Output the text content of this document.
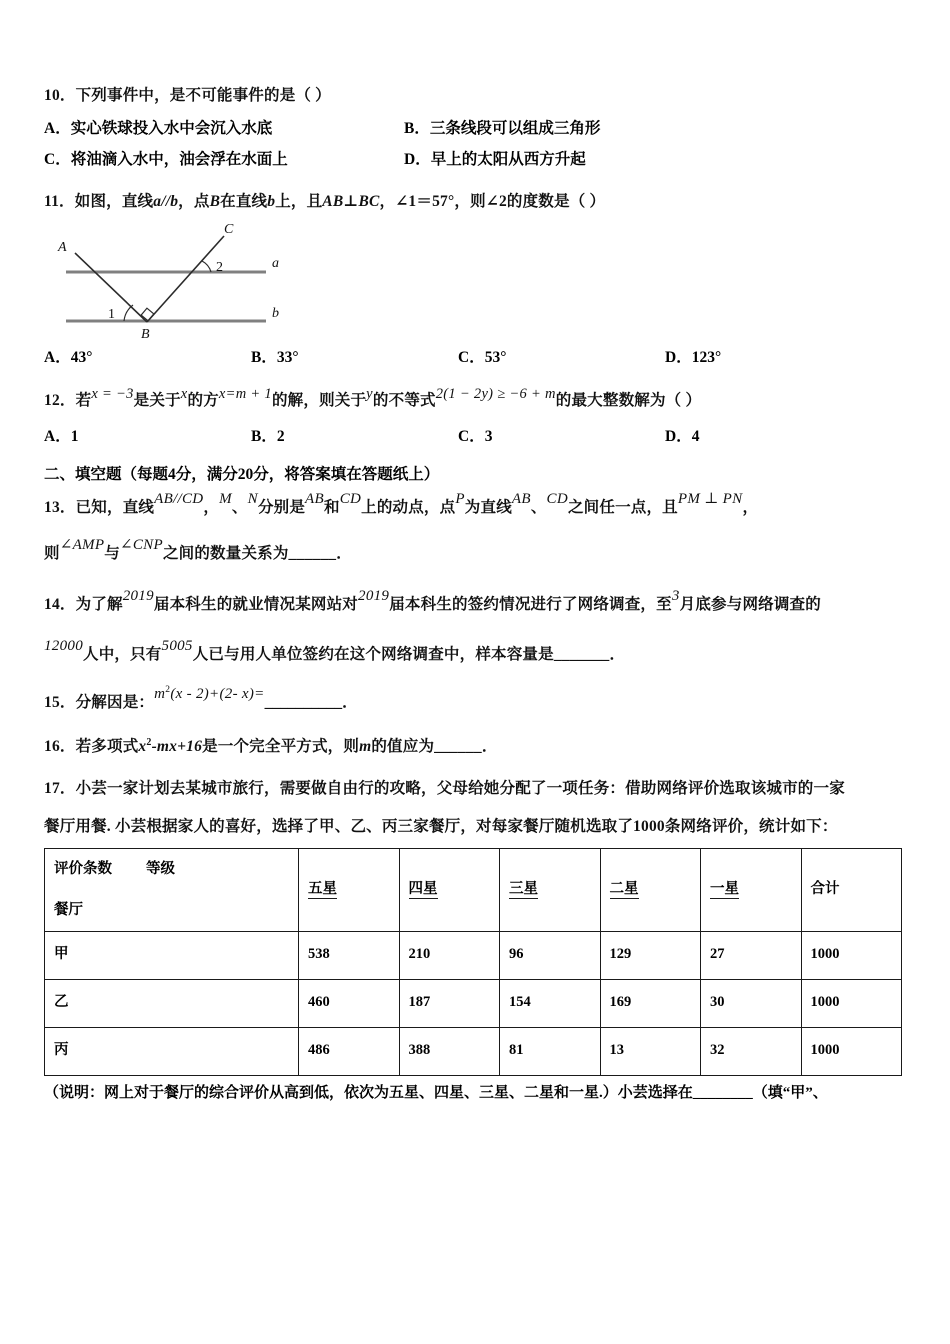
10．下列事件中，是不可能事件的是（ ）
A．实心铁球投入水中会沉入水底	B．三条线段可以组成三角形
C．将油滴入水中，油会浮在水面上	D．早上的太阳从西方升起
11．如图，直线a//b，点B在直线b上，且AB⊥BC，∠1＝57°，则∠2的度数是（ ）
A
B
C
a
b
1
2
A．43°	B．33°	C．53°	D．123°
12．若x = −3是关于x的方x=m + 1的解，则关于y的不等式2(1 − 2y) ≥ −6 + m的最大整数解为（ ）
A．1	B．2	C．3	D．4
二、填空题（每题4分，满分20分，将答案填在答题纸上）
13．已知，直线AB//CD，M、N分别是AB和CD上的动点，点P为直线AB、CD之间任一点，且PM ⊥ PN，
则∠AMP与∠CNP之间的数量关系为______．
14．为了解2019届本科生的就业情况某网站对2019届本科生的签约情况进行了网络调查，至3月底参与网络调查的
12000人中，只有5005人已与用人单位签约在这个网络调查中，样本容量是_______．
15．分解因是：$m^2(x - 2)+(2-$ x)=__________．
16．若多项式$x^2-mx+16$是一个完全平方式，则m的值应为______．
17．小芸一家计划去某城市旅行，需要做自由行的攻略，父母给她分配了一项任务：借助网络评价选取该城市的一家
餐厅用餐. 小芸根据家人的喜好，选择了甲、乙、丙三家餐厅，对每家餐厅随机选取了1000条网络评价，统计如下：
评价条数 等级
餐厅	五星	四星	三星	二星	一星	合计
甲	538	210	96	129	27	1000
乙	460	187	154	169	30	1000
丙	486	388	81	13	32	1000
（说明：网上对于餐厅的综合评价从高到低，依次为五星、四星、三星、二星和一星.）小芸选择在________（填“甲”、
